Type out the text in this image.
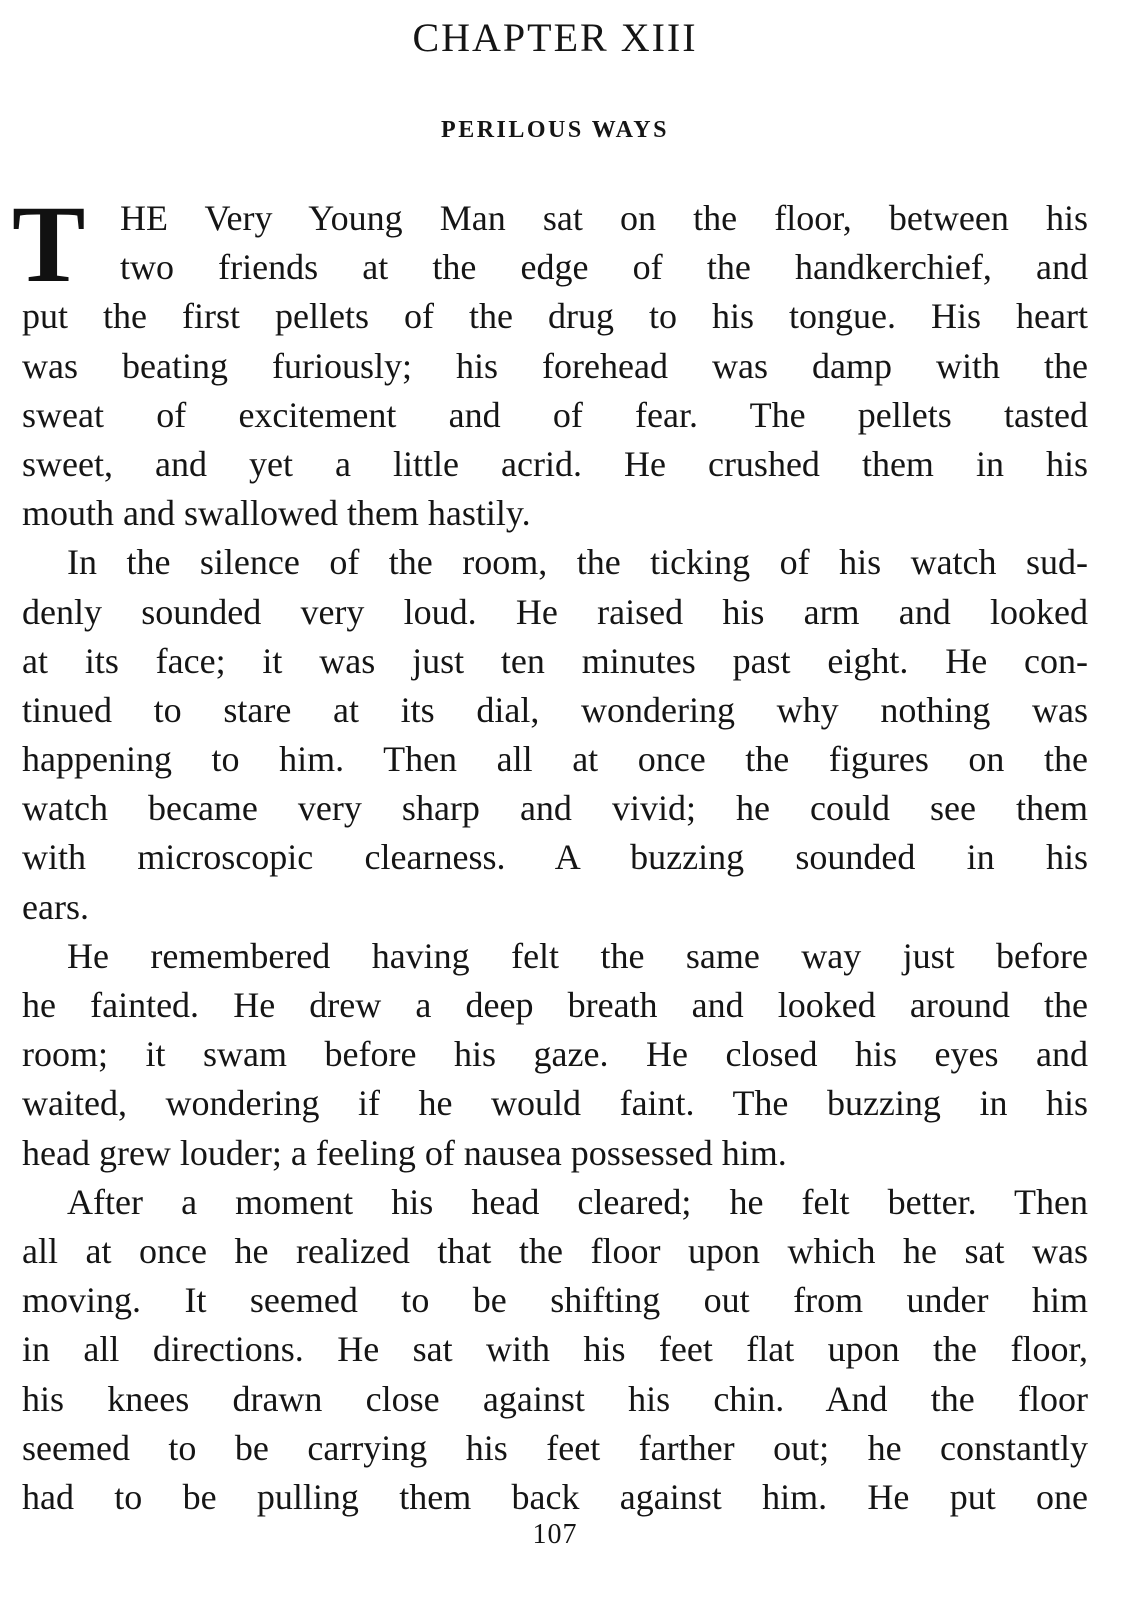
CHAPTER XIII
PERILOUS WAYS
T HE Very Young Man sat on the floor, between his
two friends at the edge of the handkerchief, and
put the first pellets of the drug to his tongue. His heart
was beating furiously; his forehead was damp with the
sweat of excitement and of fear. The pellets tasted
sweet, and yet a little acrid. He crushed them in his
mouth and swallowed them hastily.
In the silence of the room, the ticking of his watch sud-
denly sounded very loud. He raised his arm and looked
at its face; it was just ten minutes past eight. He con-
tinued to stare at its dial, wondering why nothing was
happening to him. Then all at once the figures on the
watch became very sharp and vivid; he could see them
with microscopic clearness. A buzzing sounded in his
ears.
He remembered having felt the same way just before
he fainted. He drew a deep breath and looked around the
room; it swam before his gaze. He closed his eyes and
waited, wondering if he would faint. The buzzing in his
head grew louder; a feeling of nausea possessed him.
After a moment his head cleared; he felt better. Then
all at once he realized that the floor upon which he sat was
moving. It seemed to be shifting out from under him
in all directions. He sat with his feet flat upon the floor,
his knees drawn close against his chin. And the floor
seemed to be carrying his feet farther out; he constantly
had to be pulling them back against him. He put one
107
